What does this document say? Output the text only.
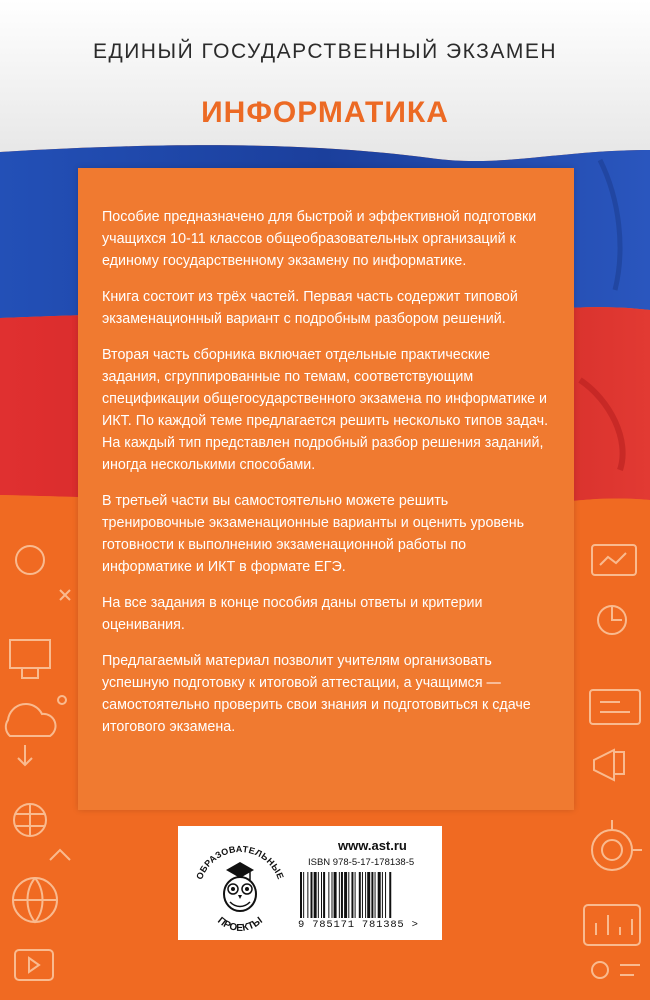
ЕДИНЫЙ ГОСУДАРСТВЕННЫЙ ЭКЗАМЕН
ИНФОРМАТИКА

Пособие предназначено для быстрой и эффективной подготовки учащихся 10-11 классов общеобразовательных организаций к единому государственному экзамену по информатике.

Книга состоит из трёх частей. Первая часть содержит типовой экзаменационный вариант с подробным разбором решений.

Вторая часть сборника включает отдельные практические задания, сгруппированные по темам, соответствующим спецификации общегосударственного экзамена по информатике и ИКТ. По каждой теме предлагается решить несколько типов задач. На каждый тип представлен подробный разбор решения заданий, иногда несколькими способами.

В третьей части вы самостоятельно можете решить тренировочные экзаменационные варианты и оценить уровень готовности к выполнению экзаменационной работы по информатике и ИКТ в формате ЕГЭ.

На все задания в конце пособия даны ответы и критерии оценивания.

Предлагаемый материал позволит учителям организовать успешную подготовку к итоговой аттестации, а учащимся — самостоятельно проверить свои знания и подготовиться к сдаче итогового экзамена.

ОБРАЗОВАТЕЛЬНЫЕ
ПРОЕКТЫ
www.ast.ru
ISBN 978-5-17-178138-5
9 785171 781385 >
